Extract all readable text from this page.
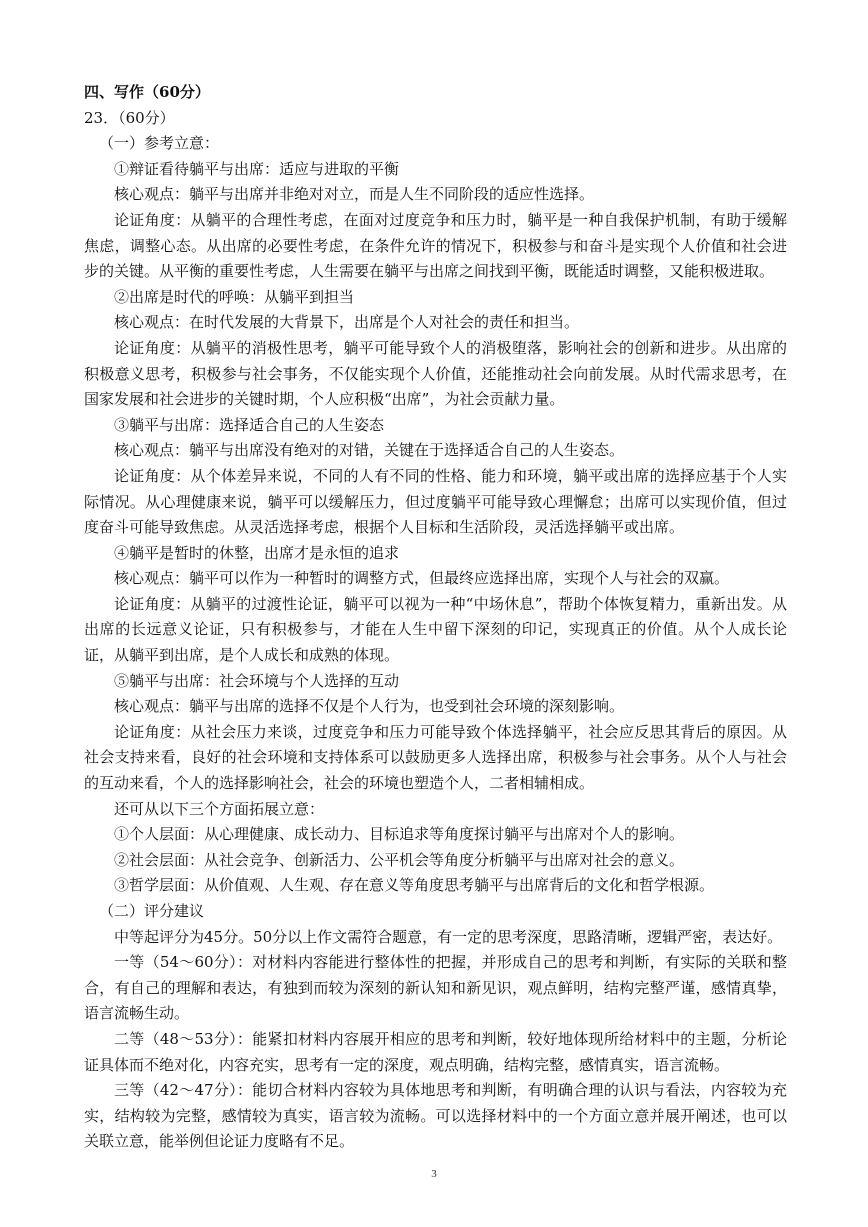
四、写作（60分）

23．（60分）

（一）参考立意：

①辩证看待躺平与出席：适应与进取的平衡

核心观点：躺平与出席并非绝对对立，而是人生不同阶段的适应性选择。

论证角度：从躺平的合理性考虑，在面对过度竞争和压力时，躺平是一种自我保护机制，有助于缓解焦虑，调整心态。从出席的必要性考虑，在条件允许的情况下，积极参与和奋斗是实现个人价值和社会进步的关键。从平衡的重要性考虑，人生需要在躺平与出席之间找到平衡，既能适时调整，又能积极进取。

②出席是时代的呼唤：从躺平到担当

核心观点：在时代发展的大背景下，出席是个人对社会的责任和担当。

论证角度：从躺平的消极性思考，躺平可能导致个人的消极堕落，影响社会的创新和进步。从出席的积极意义思考，积极参与社会事务，不仅能实现个人价值，还能推动社会向前发展。从时代需求思考，在国家发展和社会进步的关键时期，个人应积极“出席”，为社会贡献力量。

③躺平与出席：选择适合自己的人生姿态

核心观点：躺平与出席没有绝对的对错，关键在于选择适合自己的人生姿态。

论证角度：从个体差异来说，不同的人有不同的性格、能力和环境，躺平或出席的选择应基于个人实际情况。从心理健康来说，躺平可以缓解压力，但过度躺平可能导致心理懈怠；出席可以实现价值，但过度奋斗可能导致焦虑。从灵活选择考虑，根据个人目标和生活阶段，灵活选择躺平或出席。

④躺平是暂时的休整，出席才是永恒的追求

核心观点：躺平可以作为一种暂时的调整方式，但最终应选择出席，实现个人与社会的双赢。

论证角度：从躺平的过渡性论证，躺平可以视为一种“中场休息”，帮助个体恢复精力，重新出发。从出席的长远意义论证，只有积极参与，才能在人生中留下深刻的印记，实现真正的价值。从个人成长论证，从躺平到出席，是个人成长和成熟的体现。

⑤躺平与出席：社会环境与个人选择的互动

核心观点：躺平与出席的选择不仅是个人行为，也受到社会环境的深刻影响。

论证角度：从社会压力来谈，过度竞争和压力可能导致个体选择躺平，社会应反思其背后的原因。从社会支持来看，良好的社会环境和支持体系可以鼓励更多人选择出席，积极参与社会事务。从个人与社会的互动来看，个人的选择影响社会，社会的环境也塑造个人，二者相辅相成。

还可从以下三个方面拓展立意：

①个人层面：从心理健康、成长动力、目标追求等角度探讨躺平与出席对个人的影响。

②社会层面：从社会竞争、创新活力、公平机会等角度分析躺平与出席对社会的意义。

③哲学层面：从价值观、人生观、存在意义等角度思考躺平与出席背后的文化和哲学根源。

（二）评分建议

中等起评分为45分。50分以上作文需符合题意，有一定的思考深度，思路清晰，逻辑严密，表达好。

一等（54～60分）：对材料内容能进行整体性的把握，并形成自己的思考和判断，有实际的关联和整合，有自己的理解和表达，有独到而较为深刻的新认知和新见识，观点鲜明，结构完整严谨，感情真挚，语言流畅生动。

二等（48～53分）：能紧扣材料内容展开相应的思考和判断，较好地体现所给材料中的主题，分析论证具体而不绝对化，内容充实，思考有一定的深度，观点明确，结构完整，感情真实，语言流畅。

三等（42～47分）：能切合材料内容较为具体地思考和判断，有明确合理的认识与看法，内容较为充实，结构较为完整，感情较为真实，语言较为流畅。可以选择材料中的一个方面立意并展开阐述，也可以关联立意，能举例但论证力度略有不足。

3
